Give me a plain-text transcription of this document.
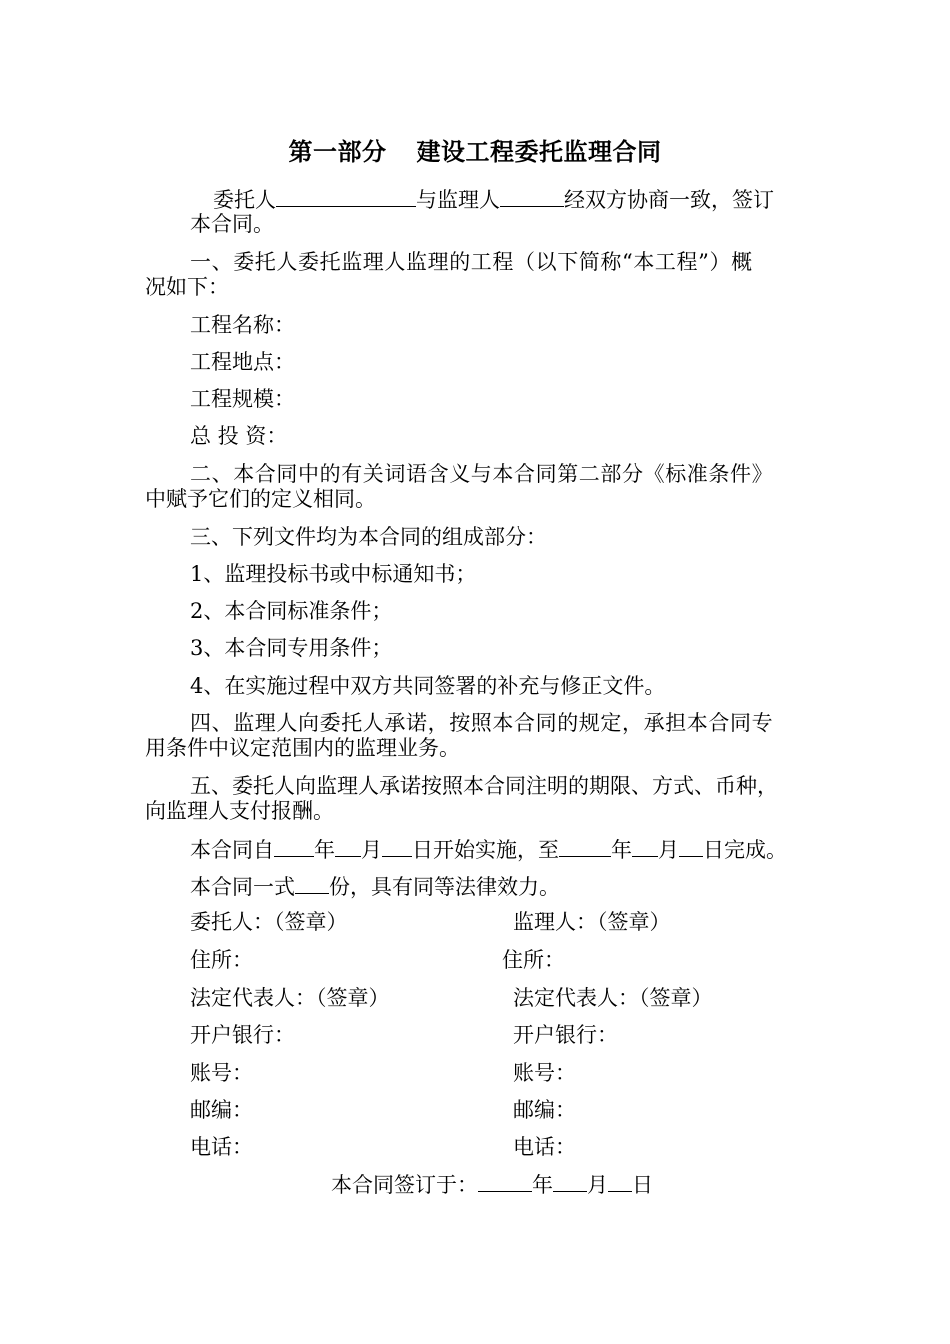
第一部分 建设工程委托监理合同
委托人	与监理人	经双方协商一致，签订
本合同。
一、委托人委托监理人监理的工程（以下简称“本工程”）概
况如下：
工程名称：
工程地点：
工程规模：
总 投 资：
二、本合同中的有关词语含义与本合同第二部分《标准条件》
中赋予它们的定义相同。
三、下列文件均为本合同的组成部分：
1、监理投标书或中标通知书；
2、本合同标准条件；
3、本合同专用条件；
4、在实施过程中双方共同签署的补充与修正文件。
四、监理人向委托人承诺，按照本合同的规定，承担本合同专
用条件中议定范围内的监理业务。
五、委托人向监理人承诺按照本合同注明的期限、方式、币种，
向监理人支付报酬。
本合同自 年 月 日开始实施，至 年 月 日完成。
本合同一式 份，具有同等法律效力。
委托人：（签章）	监理人：（签章）
住所：	住所：
法定代表人：（签章）	法定代表人：（签章）
开户银行：	开户银行：
账号：	账号：
邮编：	邮编：
电话：	电话：
本合同签订于：	年 月 日
